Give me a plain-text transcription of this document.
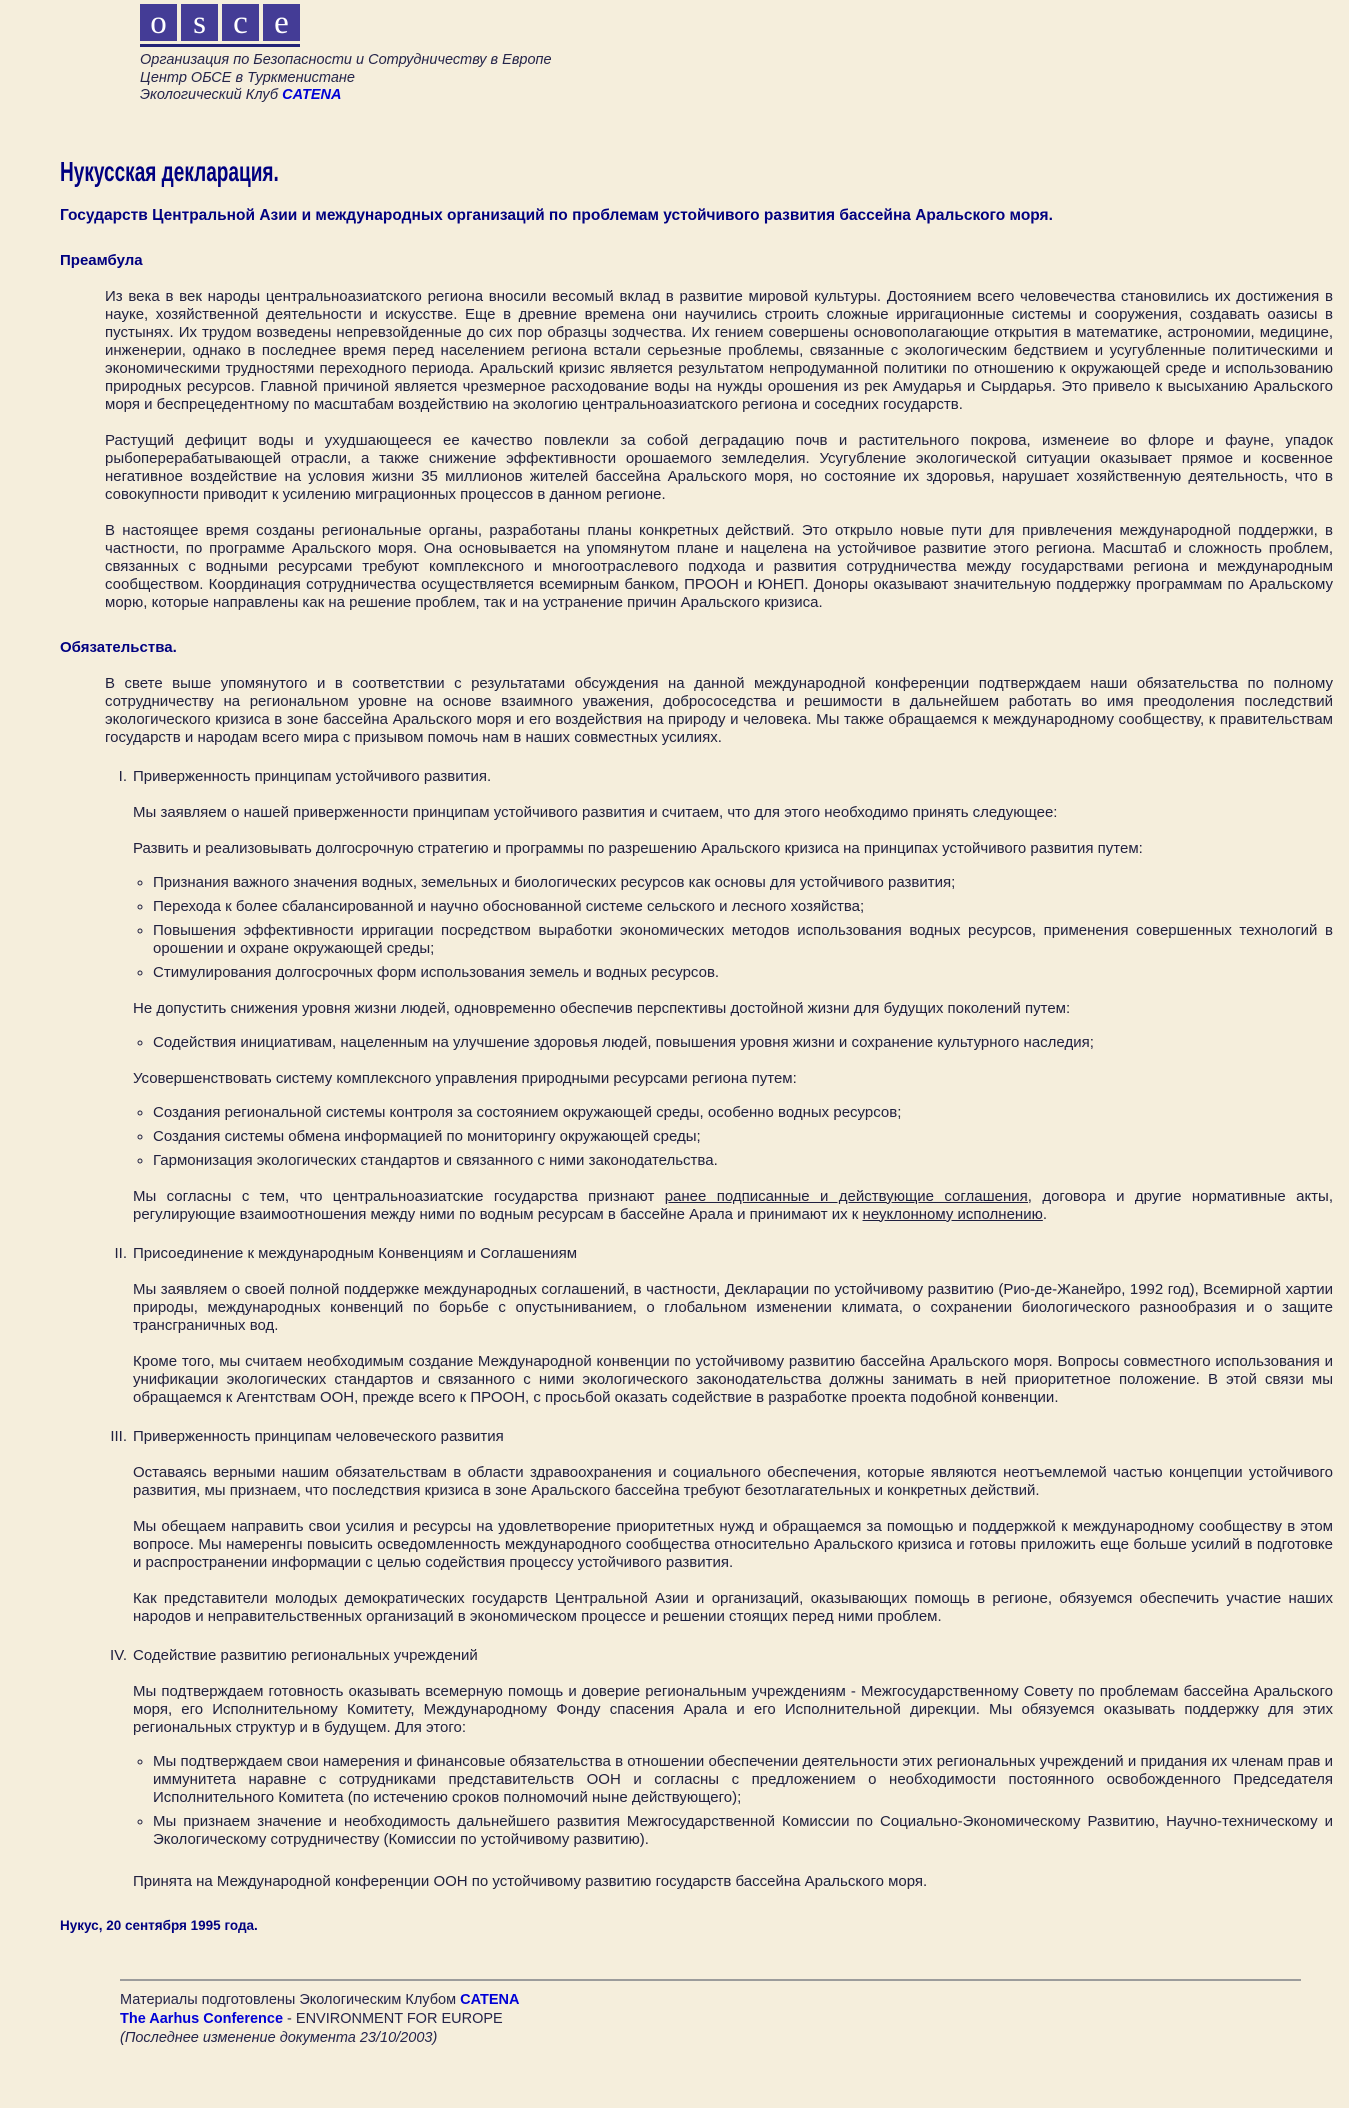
o s c e
Организация по Безопасности и Сотрудничеству в Европе
Центр ОБСЕ в Туркменистане
Экологический Клуб CATENA
Нукусская декларация.
Государств Центральной Азии и международных организаций по проблемам устойчивого развития бассейна Аральского моря.
Преамбула

Из века в век народы центральноазиатского региона вносили весомый вклад в развитие мировой культуры. Достоянием всего человечества становились их достижения в науке, хозяйственной деятельности и искусстве. Еще в древние времена они научились строить сложные ирригационные системы и сооружения, создавать оазисы в пустынях. Их трудом возведены непревзойденные до сих пор образцы зодчества. Их гением совершены основополагающие открытия в математике, астрономии, медицине, инженерии, однако в последнее время перед населением региона встали серьезные проблемы, связанные с экологическим бедствием и усугубленные политическими и экономическими трудностями переходного периода. Аральский кризис является результатом непродуманной политики по отношению к окружающей среде и использованию природных ресурсов. Главной причиной является чрезмерное расходование воды на нужды орошения из рек Амударья и Сырдарья. Это привело к высыханию Аральского моря и беспрецедентному по масштабам воздействию на экологию центральноазиатского региона и соседних государств.

Растущий дефицит воды и ухудшающееся ее качество повлекли за собой деградацию почв и растительного покрова, изменеие во флоре и фауне, упадок рыбоперерабатывающей отрасли, а также снижение эффективности орошаемого земледелия. Усугубление экологической ситуации оказывает прямое и косвенное негативное воздействие на условия жизни 35 миллионов жителей бассейна Аральского моря, но состояние их здоровья, нарушает хозяйственную деятельность, что в совокупности приводит к усилению миграционных процессов в данном регионе.

В настоящее время созданы региональные органы, разработаны планы конкретных действий. Это открыло новые пути для привлечения международной поддержки, в частности, по программе Аральского моря. Она основывается на упомянутом плане и нацелена на устойчивое развитие этого региона. Масштаб и сложность проблем, связанных с водными ресурсами требуют комплексного и многоотраслевого подхода и развития сотрудничества между государствами региона и международным сообществом. Координация сотрудничества осуществляется всемирным банком, ПРООН и ЮНЕП. Доноры оказывают значительную поддержку программам по Аральскому морю, которые направлены как на решение проблем, так и на устранение причин Аральского кризиса.

Обязательства.

В свете выше упомянутого и в соответствии с результатами обсуждения на данной международной конференции подтверждаем наши обязательства по полному сотрудничеству на региональном уровне на основе взаимного уважения, добрососедства и решимости в дальнейшем работать во имя преодоления последствий экологического кризиса в зоне бассейна Аральского моря и его воздействия на природу и человека. Мы также обращаемся к международному сообществу, к правительствам государств и народам всего мира с призывом помочь нам в наших совместных усилиях.

I. Приверженность принципам устойчивого развития.

Мы заявляем о нашей приверженности принципам устойчивого развития и считаем, что для этого необходимо принять следующее:

Развить и реализовывать долгосрочную стратегию и программы по разрешению Аральского кризиса на принципах устойчивого развития путем:

◦ Признания важного значения водных, земельных и биологических ресурсов как основы для устойчивого развития;
◦ Перехода к более сбалансированной и научно обоснованной системе сельского и лесного хозяйства;
◦ Повышения эффективности ирригации посредством выработки экономических методов использования водных ресурсов, применения совершенных технологий в орошении и охране окружающей среды;
◦ Стимулирования долгосрочных форм использования земель и водных ресурсов.

Не допустить снижения уровня жизни людей, одновременно обеспечив перспективы достойной жизни для будущих поколений путем:

◦ Содействия инициативам, нацеленным на улучшение здоровья людей, повышения уровня жизни и сохранение культурного наследия;

Усовершенствовать систему комплексного управления природными ресурсами региона путем:

◦ Создания региональной системы контроля за состоянием окружающей среды, особенно водных ресурсов;
◦ Создания системы обмена информацией по мониторингу окружающей среды;
◦ Гармонизация экологических стандартов и связанного с ними законодательства.

Мы согласны с тем, что центральноазиатские государства признают ранее подписанные и действующие соглашения, договора и другие нормативные акты, регулирующие взаимоотношения между ними по водным ресурсам в бассейне Арала и принимают их к неуклонному исполнению.

II. Присоединение к международным Конвенциям и Соглашениям

Мы заявляем о своей полной поддержке международных соглашений, в частности, Декларации по устойчивому развитию (Рио-де-Жанейро, 1992 год), Всемирной хартии природы, международных конвенций по борьбе с опустыниванием, о глобальном изменении климата, о сохранении биологического разнообразия и о защите трансграничных вод.

Кроме того, мы считаем необходимым создание Международной конвенции по устойчивому развитию бассейна Аральского моря. Вопросы совместного использования и унификации экологических стандартов и связанного с ними экологического законодательства должны занимать в ней приоритетное положение. В этой связи мы обращаемся к Агентствам ООН, прежде всего к ПРООН, с просьбой оказать содействие в разработке проекта подобной конвенции.

III. Приверженность принципам человеческого развития

Оставаясь верными нашим обязательствам в области здравоохранения и социального обеспечения, которые являются неотъемлемой частью концепции устойчивого развития, мы признаем, что последствия кризиса в зоне Аральского бассейна требуют безотлагательных и конкретных действий.

Мы обещаем направить свои усилия и ресурсы на удовлетворение приоритетных нужд и обращаемся за помощью и поддержкой к международному сообществу в этом вопросе. Мы намеренгы повысить осведомленность международного сообщества относительно Аральского кризиса и готовы приложить еще больше усилий в подготовке и распространении информации с целью содействия процессу устойчивого развития.

Как представители молодых демократических государств Центральной Азии и организаций, оказывающих помощь в регионе, обязуемся обеспечить участие наших народов и неправительственных организаций в экономическом процессе и решении стоящих перед ними проблем.

IV. Содействие развитию региональных учреждений

Мы подтверждаем готовность оказывать всемерную помощь и доверие региональным учреждениям - Межгосударственному Совету по проблемам бассейна Аральского моря, его Исполнительному Комитету, Международному Фонду спасения Арала и его Исполнительной дирекции. Мы обязуемся оказывать поддержку для этих региональных структур и в будущем. Для этого:

◦ Мы подтверждаем свои намерения и финансовые обязательства в отношении обеспечении деятельности этих региональных учреждений и придания их членам прав и иммунитета наравне с сотрудниками представительств ООН и согласны с предложением о необходимости постоянного освобожденного Председателя Исполнительного Комитета (по истечению сроков полномочий ныне действующего);
◦ Мы признаем значение и необходимость дальнейшего развития Межгосударственной Комиссии по Социально-Экономическому Развитию, Научно-техническому и Экологическому сотрудничеству (Комиссии по устойчивому развитию).

Принята на Международной конференции ООН по устойчивому развитию государств бассейна Аральского моря.

Нукус, 20 сентября 1995 года.
Материалы подготовлены Экологическим Клубом CATENA
The Aarhus Conference - ENVIRONMENT FOR EUROPE
(Последнее изменение документа 23/10/2003)
